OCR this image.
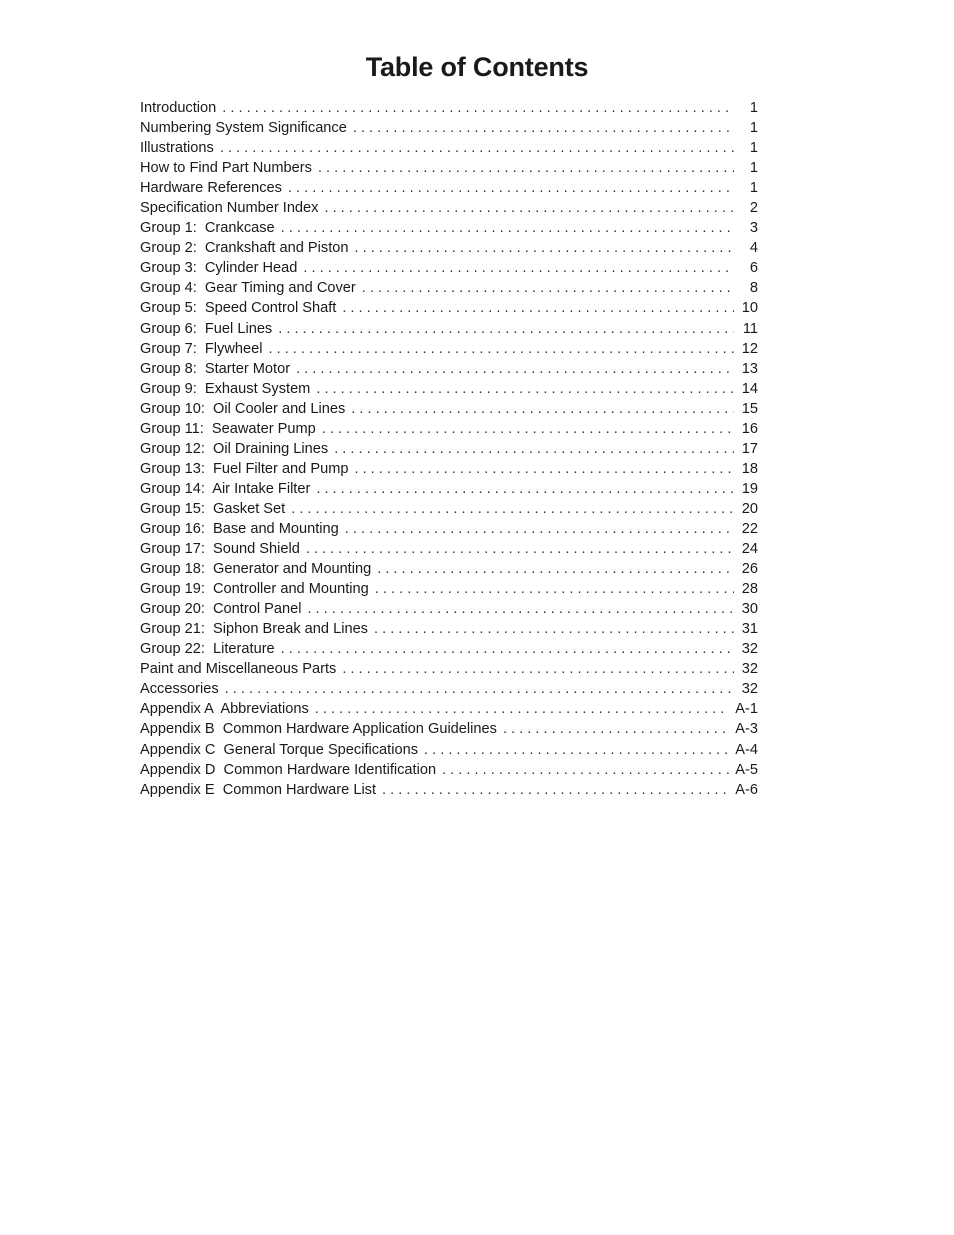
Table of Contents
Introduction . . .	1
Numbering System Significance . . .	1
Illustrations . . .	1
How to Find Part Numbers . . .	1
Hardware References . . .	1
Specification Number Index . . .	2
Group 1:  Crankcase . . .	3
Group 2:  Crankshaft and Piston . . .	4
Group 3:  Cylinder Head . . .	6
Group 4:  Gear Timing and Cover . . .	8
Group 5:  Speed Control Shaft . . .	10
Group 6:  Fuel Lines . . .	11
Group 7:  Flywheel . . .	12
Group 8:  Starter Motor . . .	13
Group 9:  Exhaust System . . .	14
Group 10:  Oil Cooler and Lines . . .	15
Group 11:  Seawater Pump . . .	16
Group 12:  Oil Draining Lines . . .	17
Group 13:  Fuel Filter and Pump . . .	18
Group 14:  Air Intake Filter . . .	19
Group 15:  Gasket Set . . .	20
Group 16:  Base and Mounting . . .	22
Group 17:  Sound Shield . . .	24
Group 18:  Generator and Mounting . . .	26
Group 19:  Controller and Mounting . . .	28
Group 20:  Control Panel . . .	30
Group 21:  Siphon Break and Lines . . .	31
Group 22:  Literature . . .	32
Paint and Miscellaneous Parts . . .	32
Accessories . . .	32
Appendix A  Abbreviations . . .	A-1
Appendix B  Common Hardware Application Guidelines . . .	A-3
Appendix C  General Torque Specifications . . .	A-4
Appendix D  Common Hardware Identification . . .	A-5
Appendix E  Common Hardware List . . .	A-6
